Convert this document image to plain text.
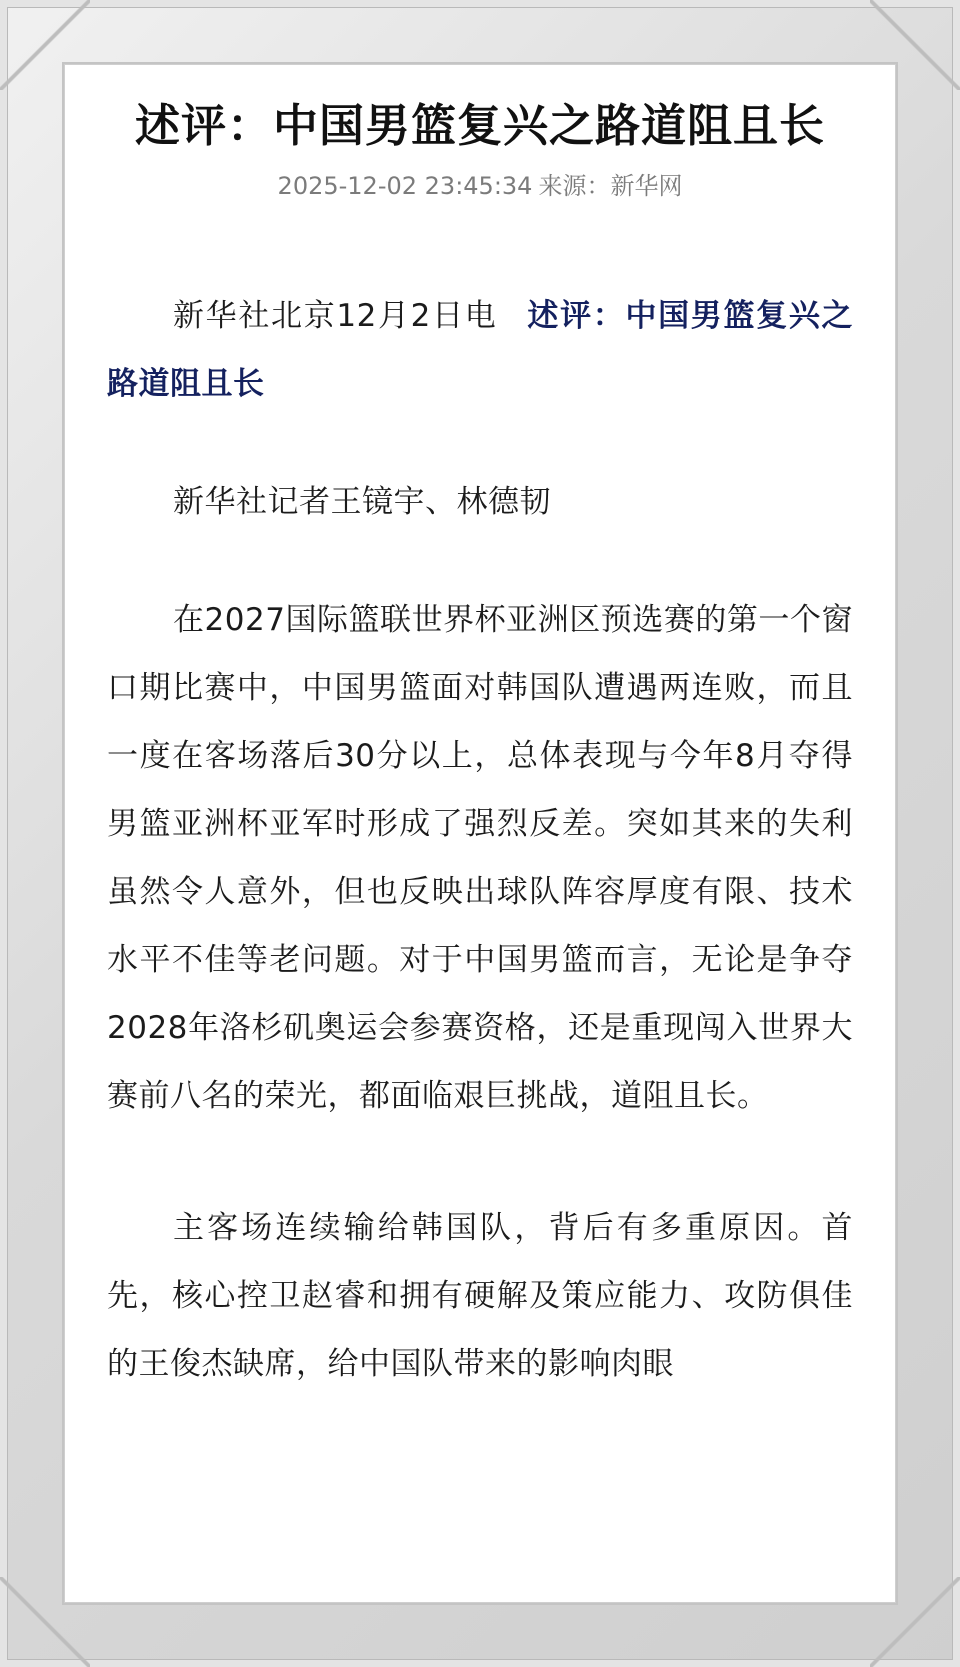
述评：中国男篮复兴之路道阻且长
2025-12-02 23:45:34 来源：新华网

新华社北京12月2日电 述评：中国男篮复兴之路道阻且长

新华社记者王镜宇、林德韧

在2027国际篮联世界杯亚洲区预选赛的第一个窗口期比赛中，中国男篮面对韩国队遭遇两连败，而且一度在客场落后30分以上，总体表现与今年8月夺得男篮亚洲杯亚军时形成了强烈反差。突如其来的失利虽然令人意外，但也反映出球队阵容厚度有限、技术水平不佳等老问题。对于中国男篮而言，无论是争夺2028年洛杉矶奥运会参赛资格，还是重现闯入世界大赛前八名的荣光，都面临艰巨挑战，道阻且长。

主客场连续输给韩国队，背后有多重原因。首先，核心控卫赵睿和拥有硬解及策应能力、攻防俱佳的王俊杰缺席，给中国队带来的影响肉眼
